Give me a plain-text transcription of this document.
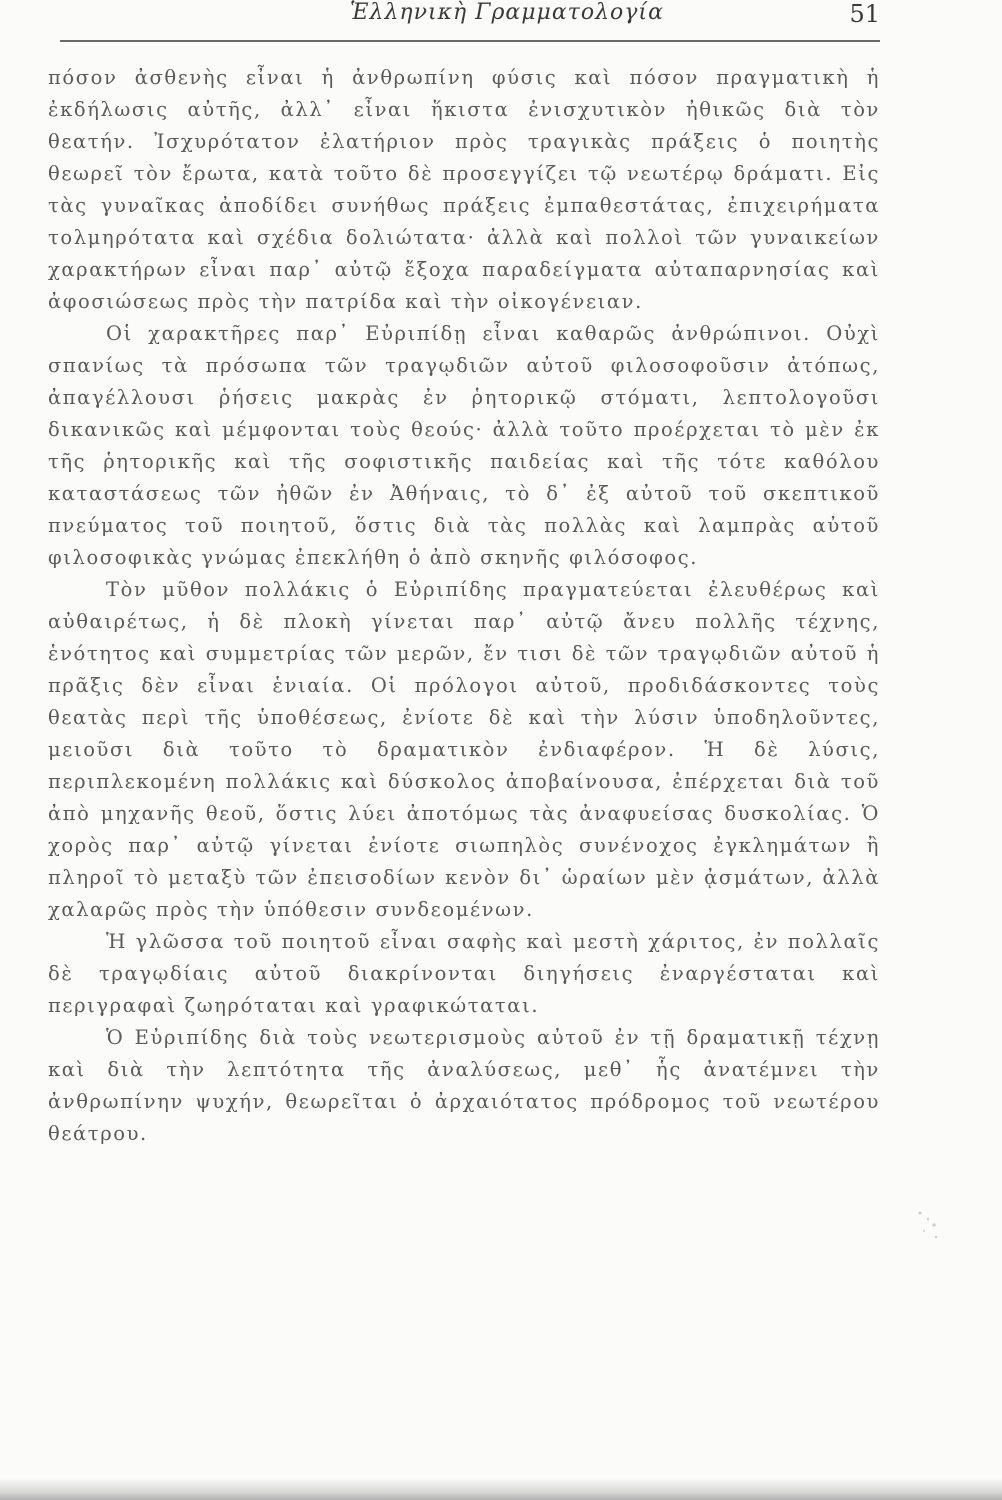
Ἑλληνικὴ Γραμματολογία	51

πόσον ἀσθενὴς εἶναι ἡ ἀνθρωπίνη φύσις καὶ πόσον πραγματικὴ ἡ ἐκδήλωσις αὐτῆς, ἀλλ᾽ εἶναι ἥκιστα ἐνισχυτικὸν ἠθικῶς διὰ τὸν θεατήν. Ἰσχυρότατον ἐλατήριον πρὸς τραγικὰς πράξεις ὁ ποιητὴς θεωρεῖ τὸν ἔρωτα, κατὰ τοῦτο δὲ προσεγγίζει τῷ νεωτέρῳ δράματι. Εἰς τὰς γυναῖκας ἀποδίδει συνήθως πράξεις ἐμπαθεστάτας, ἐπιχειρήματα τολμηρότατα καὶ σχέδια δολιώτατα· ἀλλὰ καὶ πολλοὶ τῶν γυναικείων χαρακτήρων εἶναι παρ᾽ αὐτῷ ἔξοχα παραδείγματα αὐταπαρνησίας καὶ ἀφοσιώσεως πρὸς τὴν πατρίδα καὶ τὴν οἰκογένειαν.

Οἱ χαρακτῆρες παρ᾽ Εὐριπίδῃ εἶναι καθαρῶς ἀνθρώπινοι. Οὐχὶ σπανίως τὰ πρόσωπα τῶν τραγῳδιῶν αὐτοῦ φιλοσοφοῦσιν ἀτόπως, ἀπαγέλλουσι ῥήσεις μακρὰς ἐν ῥητορικῷ στόματι, λεπτολογοῦσι δικανικῶς καὶ μέμφονται τοὺς θεούς· ἀλλὰ τοῦτο προέρχεται τὸ μὲν ἐκ τῆς ῥητορικῆς καὶ τῆς σοφιστικῆς παιδείας καὶ τῆς τότε καθόλου καταστάσεως τῶν ἠθῶν ἐν Ἀθήναις, τὸ δ᾽ ἐξ αὐτοῦ τοῦ σκεπτικοῦ πνεύματος τοῦ ποιητοῦ, ὅστις διὰ τὰς πολλὰς καὶ λαμπρὰς αὐτοῦ φιλοσοφικὰς γνώμας ἐπεκλήθη ὁ ἀπὸ σκηνῆς φιλόσοφος.

Τὸν μῦθον πολλάκις ὁ Εὐριπίδης πραγματεύεται ἐλευθέρως καὶ αὐθαιρέτως, ἡ δὲ πλοκὴ γίνεται παρ᾽ αὐτῷ ἄνευ πολλῆς τέχνης, ἑνότητος καὶ συμμετρίας τῶν μερῶν, ἔν τισι δὲ τῶν τραγῳδιῶν αὐτοῦ ἡ πρᾶξις δὲν εἶναι ἑνιαία. Οἱ πρόλογοι αὐτοῦ, προδιδάσκοντες τοὺς θεατὰς περὶ τῆς ὑποθέσεως, ἐνίοτε δὲ καὶ τὴν λύσιν ὑποδηλοῦντες, μειοῦσι διὰ τοῦτο τὸ δραματικὸν ἐνδιαφέρον. Ἡ δὲ λύσις, περιπλεκομένη πολλάκις καὶ δύσκολος ἀποβαίνουσα, ἐπέρχεται διὰ τοῦ ἀπὸ μηχανῆς θεοῦ, ὅστις λύει ἀποτόμως τὰς ἀναφυείσας δυσκολίας. Ὁ χορὸς παρ᾽ αὐτῷ γίνεται ἐνίοτε σιωπηλὸς συνένοχος ἐγκλημάτων ἢ πληροῖ τὸ μεταξὺ τῶν ἐπεισοδίων κενὸν δι᾽ ὡραίων μὲν ᾀσμάτων, ἀλλὰ χαλαρῶς πρὸς τὴν ὑπόθεσιν συνδεομένων.

Ἡ γλῶσσα τοῦ ποιητοῦ εἶναι σαφὴς καὶ μεστὴ χάριτος, ἐν πολλαῖς δὲ τραγῳδίαις αὐτοῦ διακρίνονται διηγήσεις ἐναργέσταται καὶ περιγραφαὶ ζωηρόταται καὶ γραφικώταται.

Ὁ Εὐριπίδης διὰ τοὺς νεωτερισμοὺς αὐτοῦ ἐν τῇ δραματικῇ τέχνῃ καὶ διὰ τὴν λεπτότητα τῆς ἀναλύσεως, μεθ᾽ ἧς ἀνατέμνει τὴν ἀνθρωπίνην ψυχήν, θεωρεῖται ὁ ἀρχαιότατος πρόδρομος τοῦ νεωτέρου θεάτρου.
